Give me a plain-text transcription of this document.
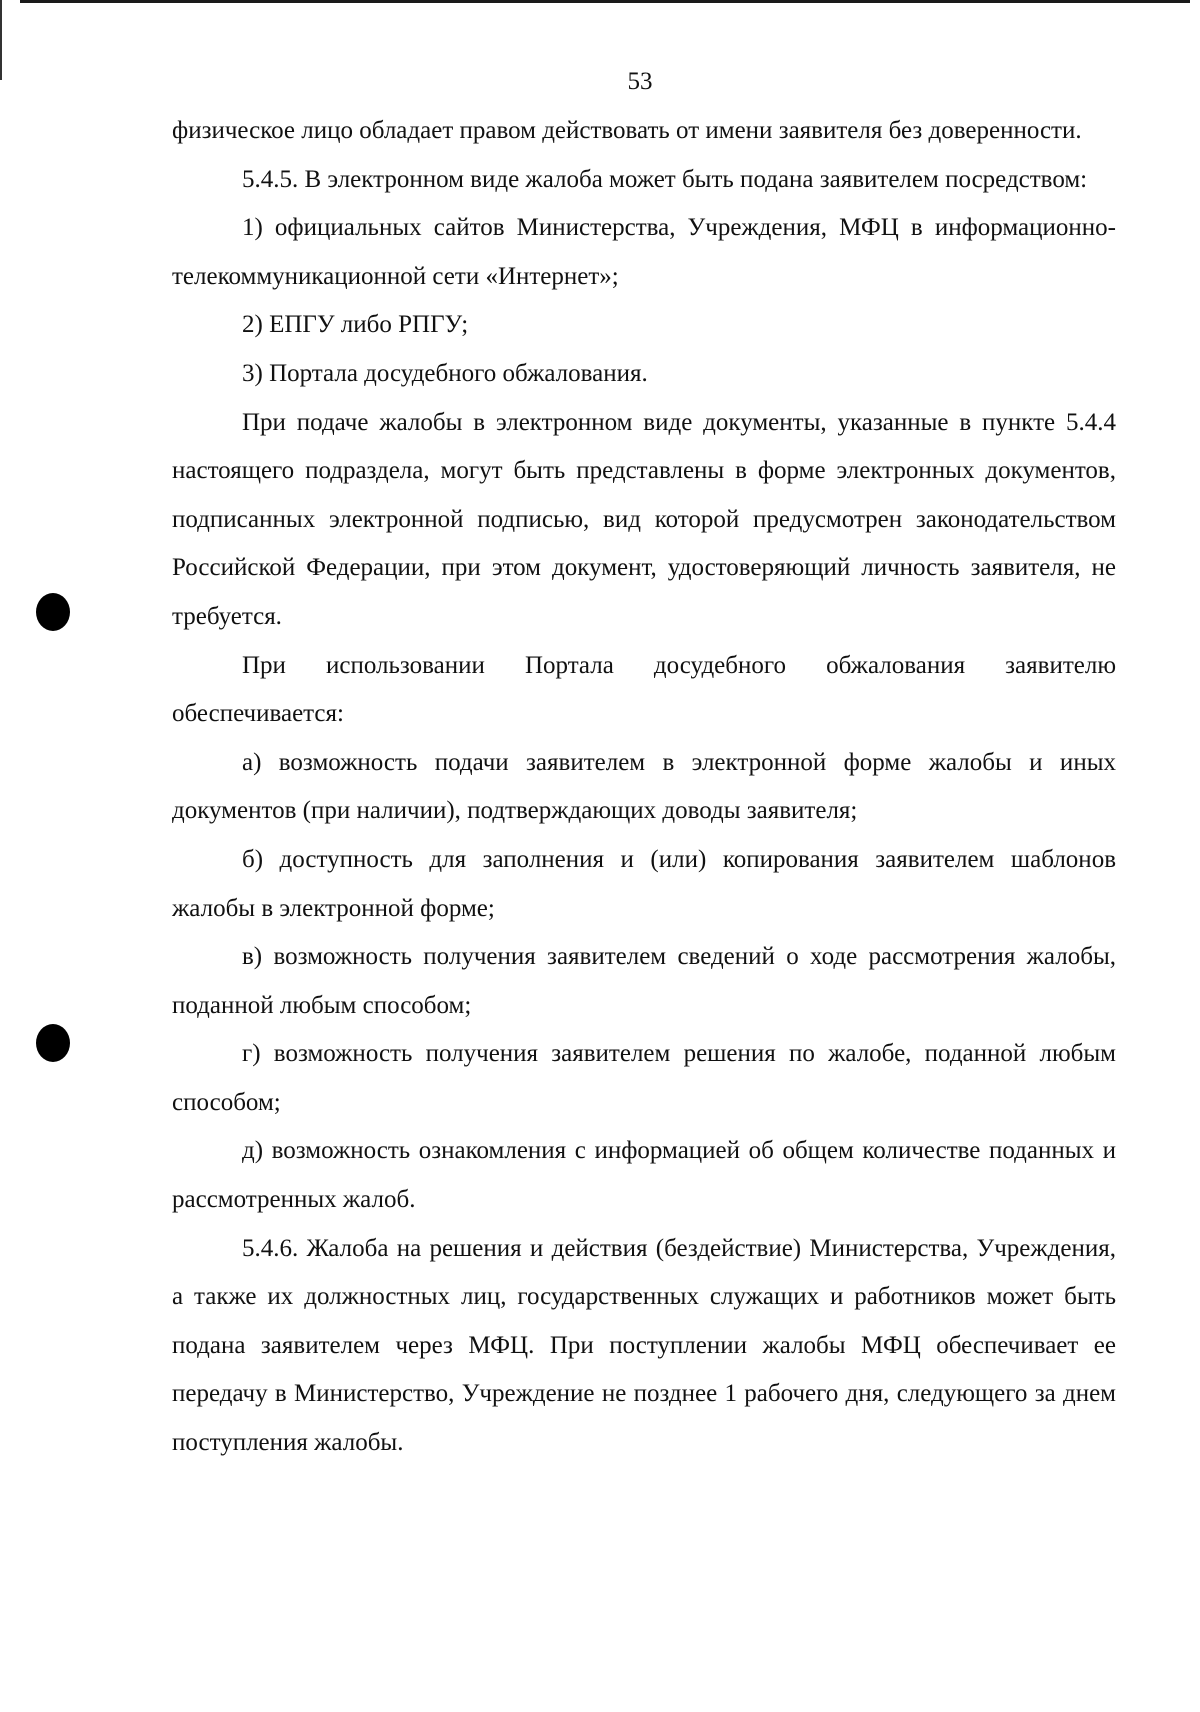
53

физическое лицо обладает правом действовать от имени заявителя без доверенности.

5.4.5. В электронном виде жалоба может быть подана заявителем посредством:

1) официальных сайтов Министерства, Учреждения, МФЦ в информационно-телекоммуникационной сети «Интернет»;

2) ЕПГУ либо РПГУ;

3) Портала досудебного обжалования.

При подаче жалобы в электронном виде документы, указанные в пункте 5.4.4 настоящего подраздела, могут быть представлены в форме электронных документов, подписанных электронной подписью, вид которой предусмотрен законодательством Российской Федерации, при этом документ, удостоверяющий личность заявителя, не требуется.

При использовании Портала досудебного обжалования заявителю обеспечивается:

а) возможность подачи заявителем в электронной форме жалобы и иных документов (при наличии), подтверждающих доводы заявителя;

б) доступность для заполнения и (или) копирования заявителем шаблонов жалобы в электронной форме;

в) возможность получения заявителем сведений о ходе рассмотрения жалобы, поданной любым способом;

г) возможность получения заявителем решения по жалобе, поданной любым способом;

д) возможность ознакомления с информацией об общем количестве поданных и рассмотренных жалоб.

5.4.6. Жалоба на решения и действия (бездействие) Министерства, Учреждения, а также их должностных лиц, государственных служащих и работников может быть подана заявителем через МФЦ. При поступлении жалобы МФЦ обеспечивает ее передачу в Министерство, Учреждение не позднее 1 рабочего дня, следующего за днем поступления жалобы.
